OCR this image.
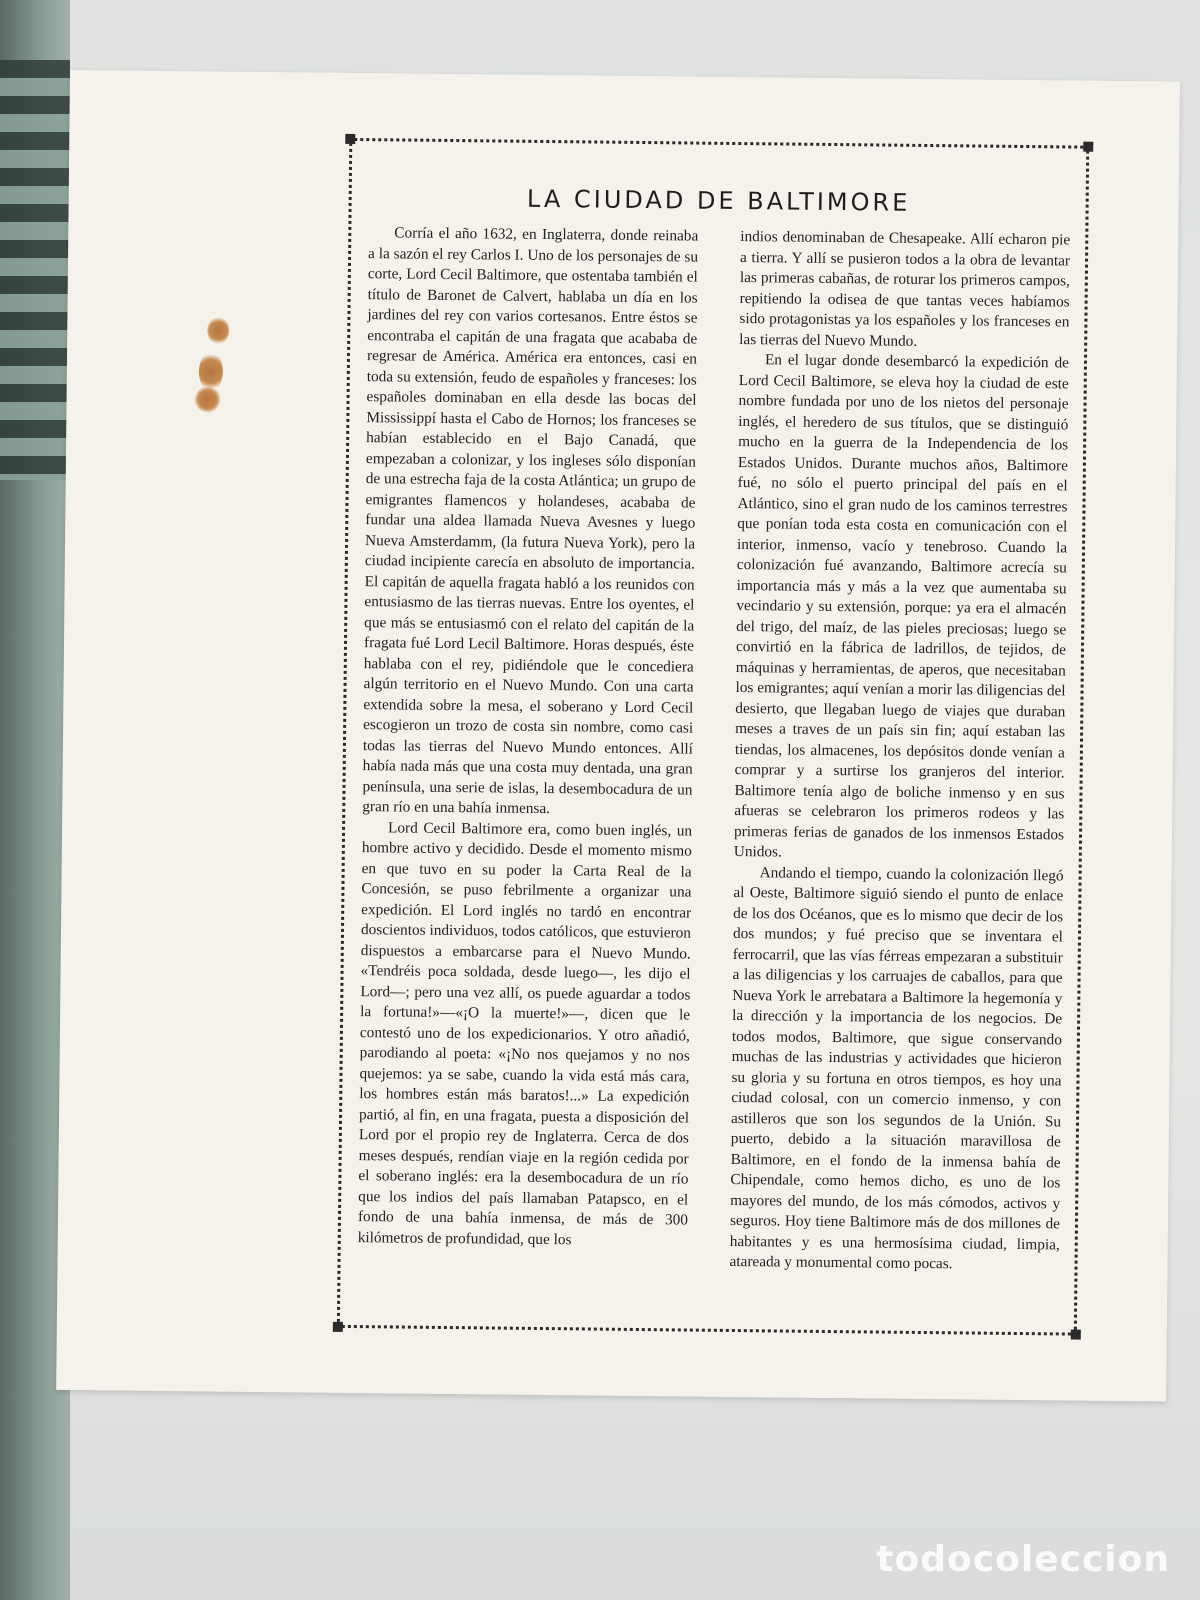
LA CIUDAD DE BALTIMORE

Corría el año 1632, en Inglaterra, donde reinaba a la sazón el rey Carlos I. Uno de los personajes de su corte, Lord Cecil Baltimore, que ostentaba también el título de Baronet de Calvert, hablaba un día en los jardines del rey con varios cortesanos. Entre éstos se encontraba el capitán de una fragata que acababa de regresar de América. América era entonces, casi en toda su extensión, feudo de españoles y franceses: los españoles dominaban en ella desde las bocas del Mississippí hasta el Cabo de Hornos; los franceses se habían establecido en el Bajo Canadá, que empezaban a colonizar, y los ingleses sólo disponían de una estrecha faja de la costa Atlántica; un grupo de emigrantes flamencos y holandeses, acababa de fundar una aldea llamada Nueva Avesnes y luego Nueva Amsterdamm, (la futura Nueva York), pero la ciudad incipiente carecía en absoluto de importancia. El capitán de aquella fragata habló a los reunidos con entusiasmo de las tierras nuevas. Entre los oyentes, el que más se entusiasmó con el relato del capitán de la fragata fué Lord Lecil Baltimore. Horas después, éste hablaba con el rey, pidiéndole que le concediera algún territorio en el Nuevo Mundo. Con una carta extendida sobre la mesa, el soberano y Lord Cecil escogieron un trozo de costa sin nombre, como casi todas las tierras del Nuevo Mundo entonces. Allí había nada más que una costa muy dentada, una gran península, una serie de islas, la desembocadura de un gran río en una bahía inmensa.

Lord Cecil Baltimore era, como buen inglés, un hombre activo y decidido. Desde el momento mismo en que tuvo en su poder la Carta Real de la Concesión, se puso febrilmente a organizar una expedición. El Lord inglés no tardó en encontrar doscientos individuos, todos católicos, que estuvieron dispuestos a embarcarse para el Nuevo Mundo. «Tendréis poca soldada, desde luego—, les dijo el Lord—; pero una vez allí, os puede aguardar a todos la fortuna!»—«¡O la muerte!»—, dicen que le contestó uno de los expedicionarios. Y otro añadió, parodiando al poeta: «¡No nos quejamos y no nos quejemos: ya se sabe, cuando la vida está más cara, los hombres están más baratos!...» La expedición partió, al fin, en una fragata, puesta a disposición del Lord por el propio rey de Inglaterra. Cerca de dos meses después, rendían viaje en la región cedida por el soberano inglés: era la desembocadura de un río que los indios del país llamaban Patapsco, en el fondo de una bahía inmensa, de más de 300 kilómetros de profundidad, que los

indios denominaban de Chesapeake. Allí echaron pie a tierra. Y allí se pusieron todos a la obra de levantar las primeras cabañas, de roturar los primeros campos, repitiendo la odisea de que tantas veces habíamos sido protagonistas ya los españoles y los franceses en las tierras del Nuevo Mundo.

En el lugar donde desembarcó la expedición de Lord Cecil Baltimore, se eleva hoy la ciudad de este nombre fundada por uno de los nietos del personaje inglés, el heredero de sus títulos, que se distinguió mucho en la guerra de la Independencia de los Estados Unidos. Durante muchos años, Baltimore fué, no sólo el puerto principal del país en el Atlántico, sino el gran nudo de los caminos terrestres que ponían toda esta costa en comunicación con el interior, inmenso, vacío y tenebroso. Cuando la colonización fué avanzando, Baltimore acrecía su importancia más y más a la vez que aumentaba su vecindario y su extensión, porque: ya era el almacén del trigo, del maíz, de las pieles preciosas; luego se convirtió en la fábrica de ladrillos, de tejidos, de máquinas y herramientas, de aperos, que necesitaban los emigrantes; aquí venían a morir las diligencias del desierto, que llegaban luego de viajes que duraban meses a traves de un país sin fin; aquí estaban las tiendas, los almacenes, los depósitos donde venían a comprar y a surtirse los granjeros del interior. Baltimore tenía algo de boliche inmenso y en sus afueras se celebraron los primeros rodeos y las primeras ferias de ganados de los inmensos Estados Unidos.

Andando el tiempo, cuando la colonización llegó al Oeste, Baltimore siguió siendo el punto de enlace de los dos Océanos, que es lo mismo que decir de los dos mundos; y fué preciso que se inventara el ferrocarril, que las vías férreas empezaran a substituir a las diligencias y los carruajes de caballos, para que Nueva York le arrebatara a Baltimore la hegemonía y la dirección y la importancia de los negocios. De todos modos, Baltimore, que sigue conservando muchas de las industrias y actividades que hicieron su gloria y su fortuna en otros tiempos, es hoy una ciudad colosal, con un comercio inmenso, y con astilleros que son los segundos de la Unión. Su puerto, debido a la situación maravillosa de Baltimore, en el fondo de la inmensa bahía de Chipendale, como hemos dicho, es uno de los mayores del mundo, de los más cómodos, activos y seguros. Hoy tiene Baltimore más de dos millones de habitantes y es una hermosísima ciudad, limpia, atareada y monumental como pocas.

todocoleccion
